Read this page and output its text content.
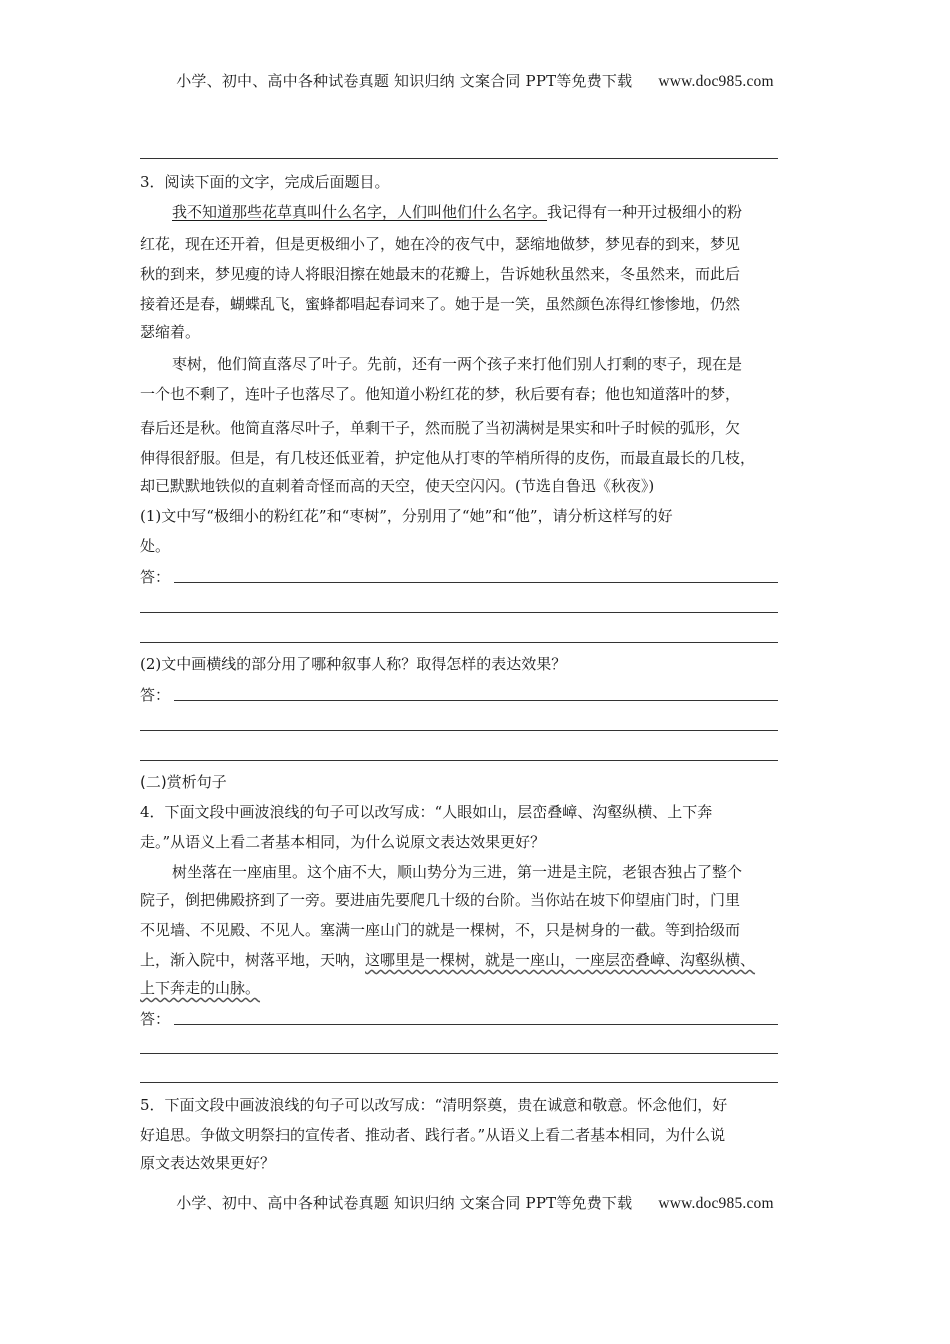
小学、初中、高中各种试卷真题 知识归纳 文案合同 PPT等免费下载 www.doc985.com
3．阅读下面的文字，完成后面题目。
我不知道那些花草真叫什么名字，人们叫他们什么名字。我记得有一种开过极细小的粉
红花，现在还开着，但是更极细小了，她在冷的夜气中，瑟缩地做梦，梦见春的到来，梦见
秋的到来，梦见瘦的诗人将眼泪擦在她最末的花瓣上，告诉她秋虽然来，冬虽然来，而此后
接着还是春，蝴蝶乱飞，蜜蜂都唱起春词来了。她于是一笑，虽然颜色冻得红惨惨地，仍然
瑟缩着。
枣树，他们简直落尽了叶子。先前，还有一两个孩子来打他们别人打剩的枣子，现在是
一个也不剩了，连叶子也落尽了。他知道小粉红花的梦，秋后要有春；他也知道落叶的梦，
春后还是秋。他简直落尽叶子，单剩干子，然而脱了当初满树是果实和叶子时候的弧形，欠
伸得很舒服。但是，有几枝还低亚着，护定他从打枣的竿梢所得的皮伤，而最直最长的几枝，
却已默默地铁似的直刺着奇怪而高的天空，使天空闪闪。(节选自鲁迅《秋夜》)
(1)文中写“极细小的粉红花”和“枣树”，分别用了“她”和“他”，请分析这样写的好
处。
答：
(2)文中画横线的部分用了哪种叙事人称？取得怎样的表达效果？
答：
(二)赏析句子
4．下面文段中画波浪线的句子可以改写成：“人眼如山，层峦叠嶂、沟壑纵横、上下奔
走。”从语义上看二者基本相同，为什么说原文表达效果更好？
树坐落在一座庙里。这个庙不大，顺山势分为三进，第一进是主院，老银杏独占了整个
院子，倒把佛殿挤到了一旁。要进庙先要爬几十级的台阶。当你站在坡下仰望庙门时，门里
不见墙、不见殿、不见人。塞满一座山门的就是一棵树，不，只是树身的一截。等到拾级而
上，渐入院中，树落平地，天呐，这哪里是一棵树，就是一座山，一座层峦叠嶂、沟壑纵横、
上下奔走的山脉。
答：
5．下面文段中画波浪线的句子可以改写成：“清明祭奠，贵在诚意和敬意。怀念他们，好
好追思。争做文明祭扫的宣传者、推动者、践行者。”从语义上看二者基本相同，为什么说
原文表达效果更好？
小学、初中、高中各种试卷真题 知识归纳 文案合同 PPT等免费下载 www.doc985.com
